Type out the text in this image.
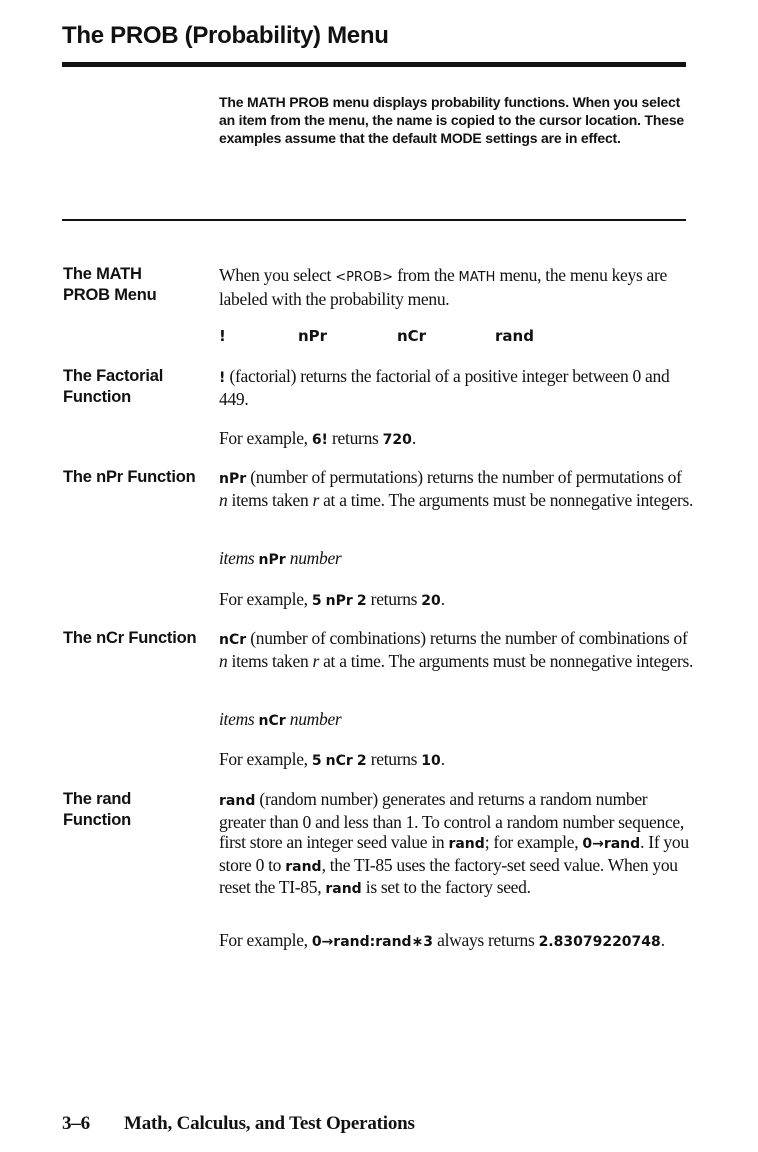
The PROB (Probability) Menu
The MATH PROB menu displays probability functions. When you select an item from the menu, the name is copied to the cursor location. These examples assume that the default MODE settings are in effect.
The MATH
PROB Menu
When you select <PROB> from the MATH menu, the menu keys are labeled with the probability menu.
!	nPr	nCr	rand
The Factorial
Function
! (factorial) returns the factorial of a positive integer between 0 and 449.
For example, 6! returns 720.
The nPr Function nPr (number of permutations) returns the number of permutations of n items taken r at a time. The arguments must be nonnegative integers.
items nPr number
For example, 5 nPr 2 returns 20.
The nCr Function nCr (number of combinations) returns the number of combinations of n items taken r at a time. The arguments must be nonnegative integers.
items nCr number
For example, 5 nCr 2 returns 10.
The rand
Function
rand (random number) generates and returns a random number greater than 0 and less than 1. To control a random number sequence, first store an integer seed value in rand; for example, 0→rand. If you store 0 to rand, the TI-85 uses the factory-set seed value. When you reset the TI-85, rand is set to the factory seed.
For example, 0→rand:rand∗3 always returns 2.83079220748.
3–6 Math, Calculus, and Test Operations
